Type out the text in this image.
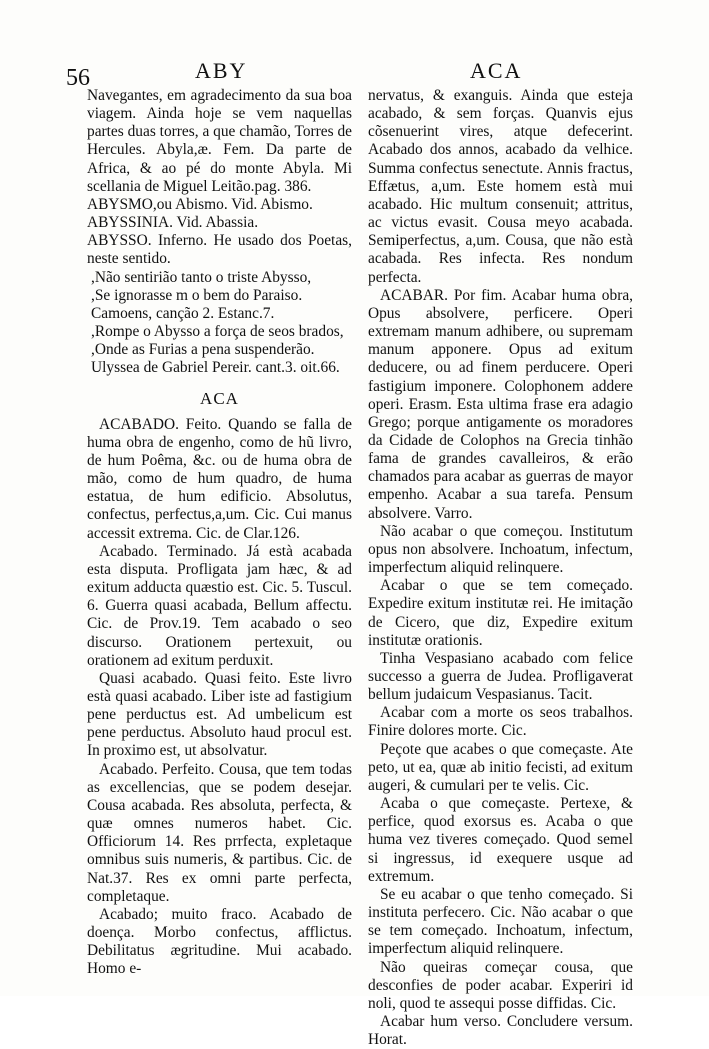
56	ABY	ACA

Navegantes, em agradecimento da sua boa viagem. Ainda hoje se vem naquellas partes duas torres, a que chamão, Torres de Hercules. Abyla,æ. Fem. Da parte de Africa, & ao pé do monte Abyla. Mi scellania de Miguel Leitão.pag. 386.

ABYSMO,ou Abismo. Vid. Abismo.

ABYSSINIA. Vid. Abassia.

ABYSSO. Inferno. He usado dos Poetas, neste sentido.

,Não sentirião tanto o triste Abysso,

,Se ignorasse m o bem do Paraiso.

Camoens, canção 2. Estanc.7.

,Rompe o Abysso a força de seos brados,

,Onde as Furias a pena suspenderão.

Ulyssea de Gabriel Pereir. cant.3. oit.66.

ACA

ACABADO. Feito. Quando se falla de huma obra de engenho, como de hũ livro, de hum Poêma, &c. ou de huma obra de mão, como de hum quadro, de huma estatua, de hum edificio. Absolutus, confectus, perfectus,a,um. Cic. Cui manus accessit extrema. Cic. de Clar.126.

Acabado. Terminado. Já està acabada esta disputa. Profligata jam hæc, & ad exitum adducta quæstio est. Cic. 5. Tuscul. 6. Guerra quasi acabada, Bellum affectu. Cic. de Prov.19. Tem acabado o seo discurso. Orationem pertexuit, ou orationem ad exitum perduxit.

Quasi acabado. Quasi feito. Este livro està quasi acabado. Liber iste ad fastigium pene perductus est. Ad umbelicum est pene perductus. Absoluto haud procul est. In proximo est, ut absolvatur.

Acabado. Perfeito. Cousa, que tem todas as excellencias, que se podem desejar. Cousa acabada. Res absoluta, perfecta, & quæ omnes numeros habet. Cic. Officiorum 14. Res prrfecta, expletaque omnibus suis numeris, & partibus. Cic. de Nat.37. Res ex omni parte perfecta, completaque.

Acabado; muito fraco. Acabado de doença. Morbo confectus, afflictus. Debilitatus ægritudine. Mui acabado. Homo e-

nervatus, & exanguis. Ainda que esteja acabado, & sem forças. Quanvis ejus cõsenuerint vires, atque defecerint. Acabado dos annos, acabado da velhice. Summa confectus senectute. Annis fractus, Effætus, a,um. Este homem està mui acabado. Hic multum consenuit; attritus, ac victus evasit. Cousa meyo acabada. Semiperfectus, a,um. Cousa, que não està acabada. Res infecta. Res nondum perfecta.

ACABAR. Por fim. Acabar huma obra, Opus absolvere, perficere. Operi extremam manum adhibere, ou supremam manum apponere. Opus ad exitum deducere, ou ad finem perducere. Operi fastigium imponere. Colophonem addere operi. Erasm. Esta ultima frase era adagio Grego; porque antigamente os moradores da Cidade de Colophos na Grecia tinhão fama de grandes cavalleiros, & erão chamados para acabar as guerras de mayor empenho. Acabar a sua tarefa. Pensum absolvere. Varro.

Não acabar o que começou. Institutum opus non absolvere. Inchoatum, infectum, imperfectum aliquid relinquere.

Acabar o que se tem começado. Expedire exitum institutæ rei. He imitação de Cicero, que diz, Expedire exitum institutæ orationis.

Tinha Vespasiano acabado com felice successo a guerra de Judea. Profligaverat bellum judaicum Vespasianus. Tacit.

Acabar com a morte os seos trabalhos. Finire dolores morte. Cic.

Peçote que acabes o que começaste. Ate peto, ut ea, quæ ab initio fecisti, ad exitum augeri, & cumulari per te velis. Cic.

Acaba o que começaste. Pertexe, & perfice, quod exorsus es. Acaba o que huma vez tiveres começado. Quod semel si ingressus, id exequere usque ad extremum.

Se eu acabar o que tenho começado. Si instituta perfecero. Cic. Não acabar o que se tem começado. Inchoatum, infectum, imperfectum aliquid relinquere.

Não queiras começar cousa, que desconfies de poder acabar. Experiri id noli, quod te assequi posse diffidas. Cic.

Acabar hum verso. Concludere versum. Horat.
